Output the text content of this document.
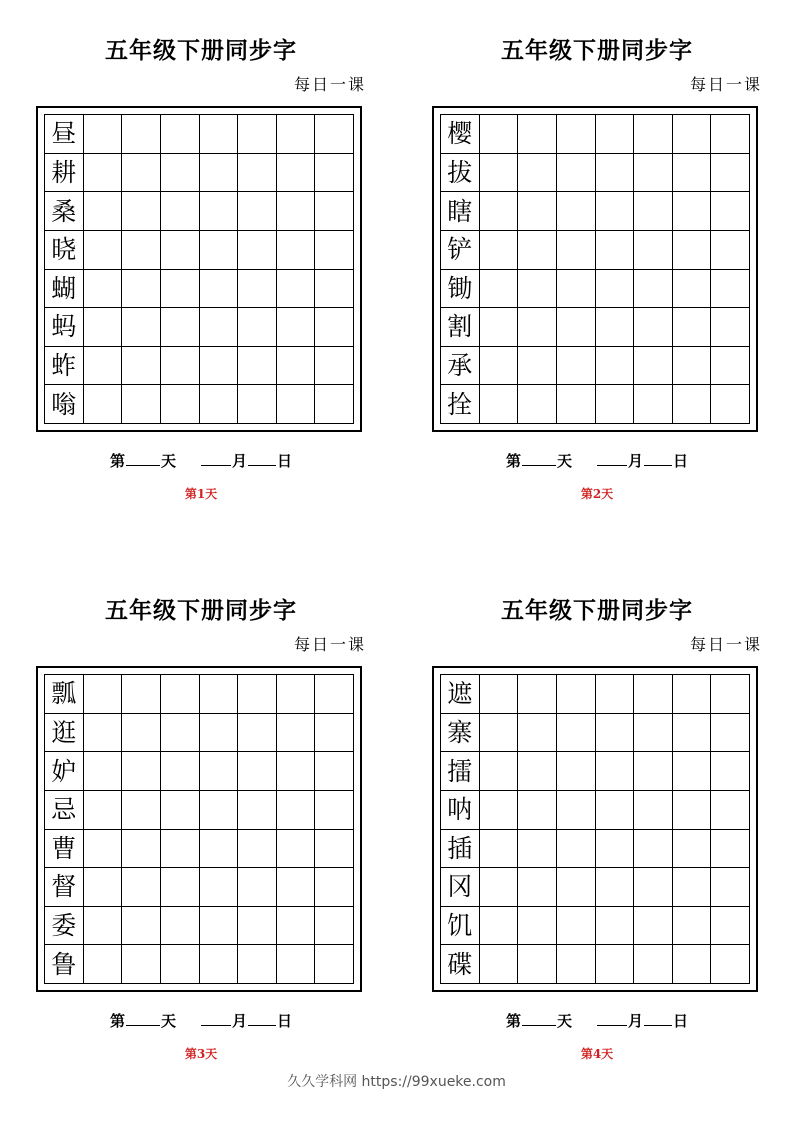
五年级下册同步字
每日一课
昼
耕
桑
晓
蝴
蚂
蚱
嗡
第 天	月 日
第1天
五年级下册同步字
每日一课
樱
拔
瞎
铲
锄
割
承
拴
第 天	月 日
第2天
五年级下册同步字
每日一课
瓢
逛
妒
忌
曹
督
委
鲁
第 天	月 日
第3天
五年级下册同步字
每日一课
遮
寨
擂
呐
插
冈
饥
碟
第 天	月 日
第4天
久久学科网 https://99xueke.com
